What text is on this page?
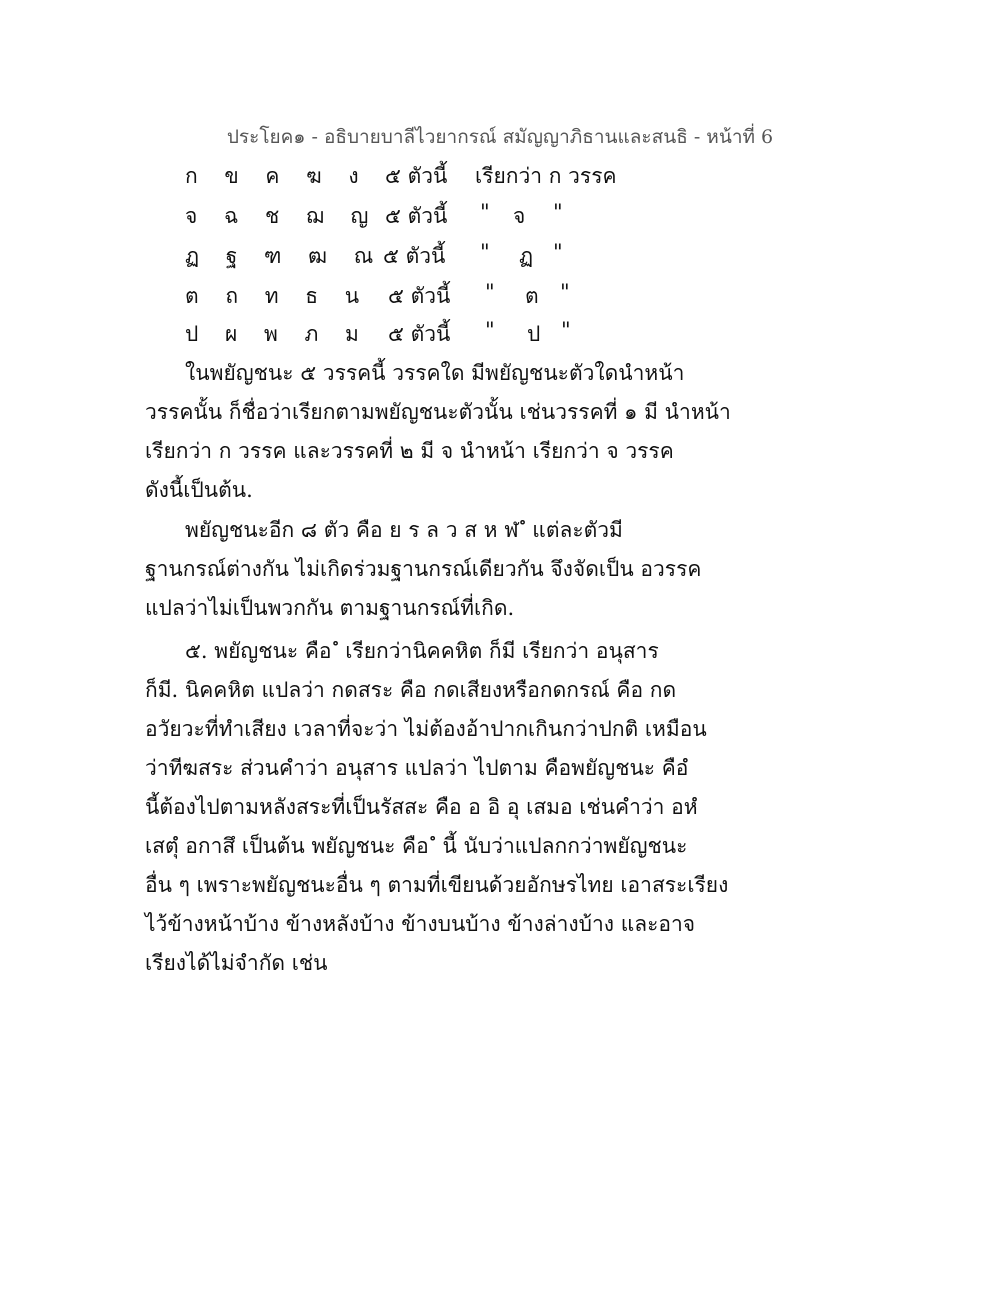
ประโยค๑ - อธิบายบาลีไวยากรณ์ สมัญญาภิธานและสนธิ - หน้าที่ 6
ก ข ค ฆ ง ๕ ตัวนี้ เรียกว่า ก วรรค
จ ฉ ช ฌ ญ ๕ ตัวนี้ " จ "
ฏ ฐ ฑ ฒ ณ ๕ ตัวนี้ " ฏ "
ต ถ ท ธ น ๕ ตัวนี้ " ต "
ป ผ พ ภ ม ๕ ตัวนี้ " ป "
ในพยัญชนะ ๕ วรรคนี้ วรรคใด มีพยัญชนะตัวใดนำหน้า
วรรคนั้น ก็ชื่อว่าเรียกตามพยัญชนะตัวนั้น เช่นวรรคที่ ๑ มี นำหน้า
เรียกว่า ก วรรค และวรรคที่ ๒ มี จ นำหน้า เรียกว่า จ วรรค
ดังนี้เป็นต้น.
พยัญชนะอีก ๘ ตัว คือ ย ร ล ว ส ห ฬ ํ แต่ละตัวมี
ฐานกรณ์ต่างกัน ไม่เกิดร่วมฐานกรณ์เดียวกัน จึงจัดเป็น อวรรค
แปลว่าไม่เป็นพวกกัน ตามฐานกรณ์ที่เกิด.
๕. พยัญชนะ คือ ํ เรียกว่านิคคหิต ก็มี เรียกว่า อนุสาร
ก็มี. นิคคหิต แปลว่า กดสระ คือ กดเสียงหรือกดกรณ์ คือ กด
อวัยวะที่ทำเสียง เวลาที่จะว่า ไม่ต้องอ้าปากเกินกว่าปกติ เหมือน
ว่าทีฆสระ ส่วนคำว่า อนุสาร แปลว่า ไปตาม คือพยัญชนะ คือํ
นี้ต้องไปตามหลังสระที่เป็นรัสสะ คือ อ อิ อุ เสมอ เช่นคำว่า อหํ
เสตุํ อกาสึ เป็นต้น พยัญชนะ คือ ํ นี้ นับว่าแปลกกว่าพยัญชนะ
อื่น ๆ เพราะพยัญชนะอื่น ๆ ตามที่เขียนด้วยอักษรไทย เอาสระเรียง
ไว้ข้างหน้าบ้าง ข้างหลังบ้าง ข้างบนบ้าง ข้างล่างบ้าง และอาจ
เรียงได้ไม่จำกัด เช่น
